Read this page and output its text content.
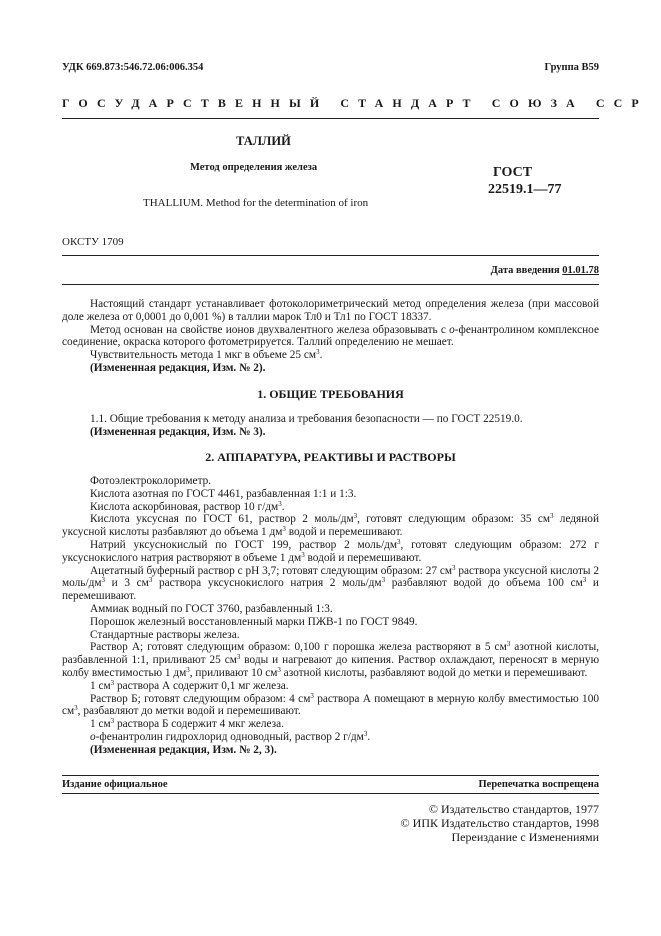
УДК 669.873:546.72.06:006.354	Группа В59
ГОСУДАРСТВЕННЫЙ СТАНДАРТ СОЮЗА ССР
ТАЛЛИЙ
Метод определения железа
THALLIUM. Method for the determination of iron
ГОСТ
22519.1—77
ОКСТУ 1709
Дата введения 01.01.78

Настоящий стандарт устанавливает фотоколориметрический метод определения железа (при массовой доле железа от 0,0001 до 0,001 %) в таллии марок Тл0 и Тл1 по ГОСТ 18337.

Метод основан на свойстве ионов двухвалентного железа образовывать с о-фенантролином комплексное соединение, окраска которого фотометрируется. Таллий определению не мешает.

Чувствительность метода 1 мкг в объеме 25 $см^3$.

(Измененная редакция, Изм. № 2).

1. ОБЩИЕ ТРЕБОВАНИЯ

1.1. Общие требования к методу анализа и требования безопасности — по ГОСТ 22519.0.

(Измененная редакция, Изм. № 3).

2. АППАРАТУРА, РЕАКТИВЫ И РАСТВОРЫ

Фотоэлектроколориметр.

Кислота азотная по ГОСТ 4461, разбавленная 1:1 и 1:3.

Кислота аскорбиновая, раствор 10 $г/дм^3$.

Кислота уксусная по ГОСТ 61, раствор 2 моль/$дм^3$, готовят следующим образом: 35 $см^3$ ледяной уксусной кислоты разбавляют до объема 1 $дм^3$ водой и перемешивают.

Натрий уксуснокислый по ГОСТ 199, раствор 2 моль/$дм^3$, готовят следующим образом: 272 г уксуснокислого натрия растворяют в объеме 1 $дм^3$ водой и перемешивают.

Ацетатный буферный раствор с рН 3,7; готовят следующим образом: 27 $см^3$ раствора уксусной кислоты 2 моль/$дм^3$ и 3 $см^3$ раствора уксуснокислого натрия 2 моль/$дм^3$ разбавляют водой до объема 100 $см^3$ и перемешивают.

Аммиак водный по ГОСТ 3760, разбавленный 1:3.

Порошок железный восстановленный марки ПЖВ-1 по ГОСТ 9849.

Стандартные растворы железа.

Раствор А; готовят следующим образом: 0,100 г порошка железа растворяют в 5 $см^3$ азотной кислоты, разбавленной 1:1, приливают 25 $см^3$ воды и нагревают до кипения. Раствор охлаждают, переносят в мерную колбу вместимостью 1 $дм^3$, приливают 10 $см^3$ азотной кислоты, разбавляют водой до метки и перемешивают.

1 $см^3$ раствора А содержит 0,1 мг железа.

Раствор Б; готовят следующим образом: 4 $см^3$ раствора А помещают в мерную колбу вместимостью 100 $см^3$, разбавляют до метки водой и перемешивают.

1 $см^3$ раствора Б содержит 4 мкг железа.

о-фенантролин гидрохлорид одноводный, раствор 2 $г/дм^3$.

(Измененная редакция, Изм. № 2, 3).

Издание официальное	Перепечатка воспрещена
© Издательство стандартов, 1977
© ИПК Издательство стандартов, 1998
Переиздание с Изменениями
